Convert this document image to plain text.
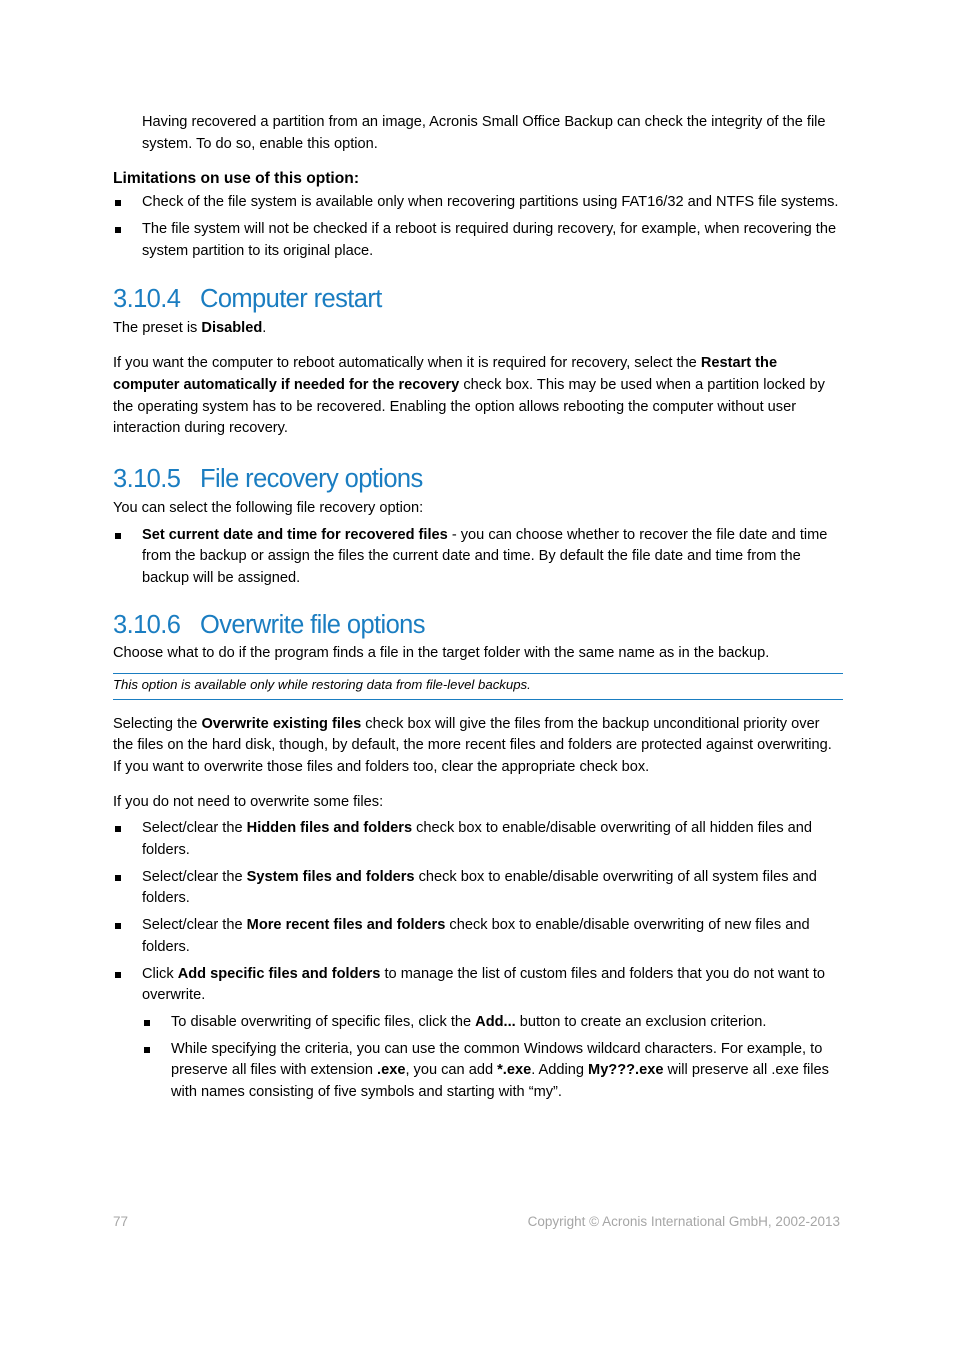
Having recovered a partition from an image, Acronis Small Office Backup can check the integrity of the file system. To do so, enable this option.

Limitations on use of this option:

Check of the file system is available only when recovering partitions using FAT16/32 and NTFS file systems.
The file system will not be checked if a reboot is required during recovery, for example, when recovering the system partition to its original place.
3.10.4 Computer restart

The preset is Disabled.

If you want the computer to reboot automatically when it is required for recovery, select the Restart the computer automatically if needed for the recovery check box. This may be used when a partition locked by the operating system has to be recovered. Enabling the option allows rebooting the computer without user interaction during recovery.

3.10.5 File recovery options

You can select the following file recovery option:

Set current date and time for recovered files - you can choose whether to recover the file date and time from the backup or assign the files the current date and time. By default the file date and time from the backup will be assigned.
3.10.6 Overwrite file options

Choose what to do if the program finds a file in the target folder with the same name as in the backup.

This option is available only while restoring data from file-level backups.

Selecting the Overwrite existing files check box will give the files from the backup unconditional priority over the files on the hard disk, though, by default, the more recent files and folders are protected against overwriting. If you want to overwrite those files and folders too, clear the appropriate check box.

If you do not need to overwrite some files:

Select/clear the Hidden files and folders check box to enable/disable overwriting of all hidden files and folders.
Select/clear the System files and folders check box to enable/disable overwriting of all system files and folders.
Select/clear the More recent files and folders check box to enable/disable overwriting of new files and folders.
Click Add specific files and folders to manage the list of custom files and folders that you do not want to overwrite.
To disable overwriting of specific files, click the Add... button to create an exclusion criterion.
While specifying the criteria, you can use the common Windows wildcard characters. For example, to preserve all files with extension .exe, you can add *.exe. Adding My???.exe will preserve all .exe files with names consisting of five symbols and starting with “my”.
77	Copyright © Acronis International GmbH, 2002-2013
